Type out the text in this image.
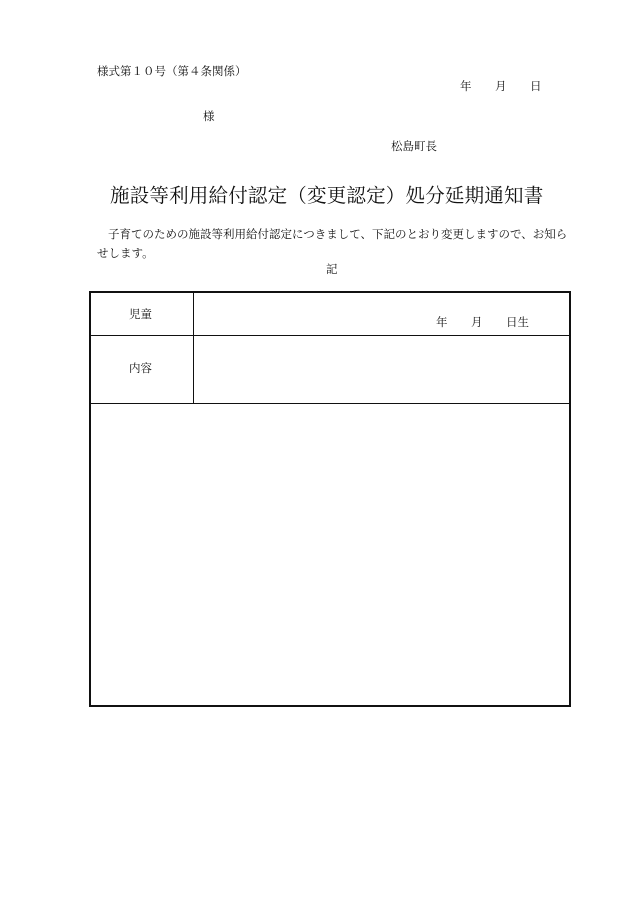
様式第１０号（第４条関係）
年 月 日
様
松島町長
施設等利用給付認定（変更認定）処分延期通知書
子育てのための施設等利用給付認定につきまして、下記のとおり変更しますので、お知らせします。
記
児童
年 月 日生
内容
